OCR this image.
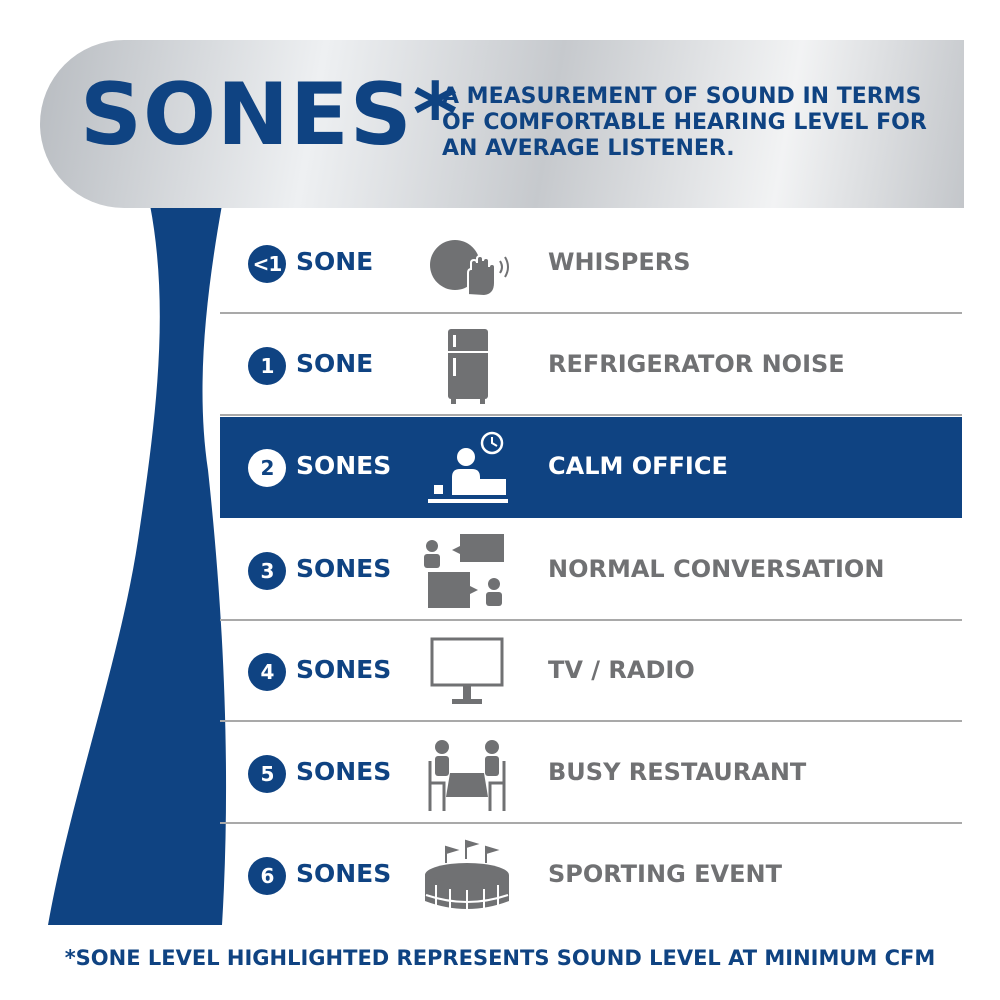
SONES*
A MEASUREMENT OF SOUND IN TERMS OF COMFORTABLE HEARING LEVEL FOR AN AVERAGE LISTENER.
<1 SONE	WHISPERS
1 SONE	REFRIGERATOR NOISE
2 SONES	CALM OFFICE
3 SONES	NORMAL CONVERSATION
4 SONES	TV / RADIO
5 SONES	BUSY RESTAURANT
6 SONES	SPORTING EVENT
*SONE LEVEL HIGHLIGHTED REPRESENTS SOUND LEVEL AT MINIMUM CFM
